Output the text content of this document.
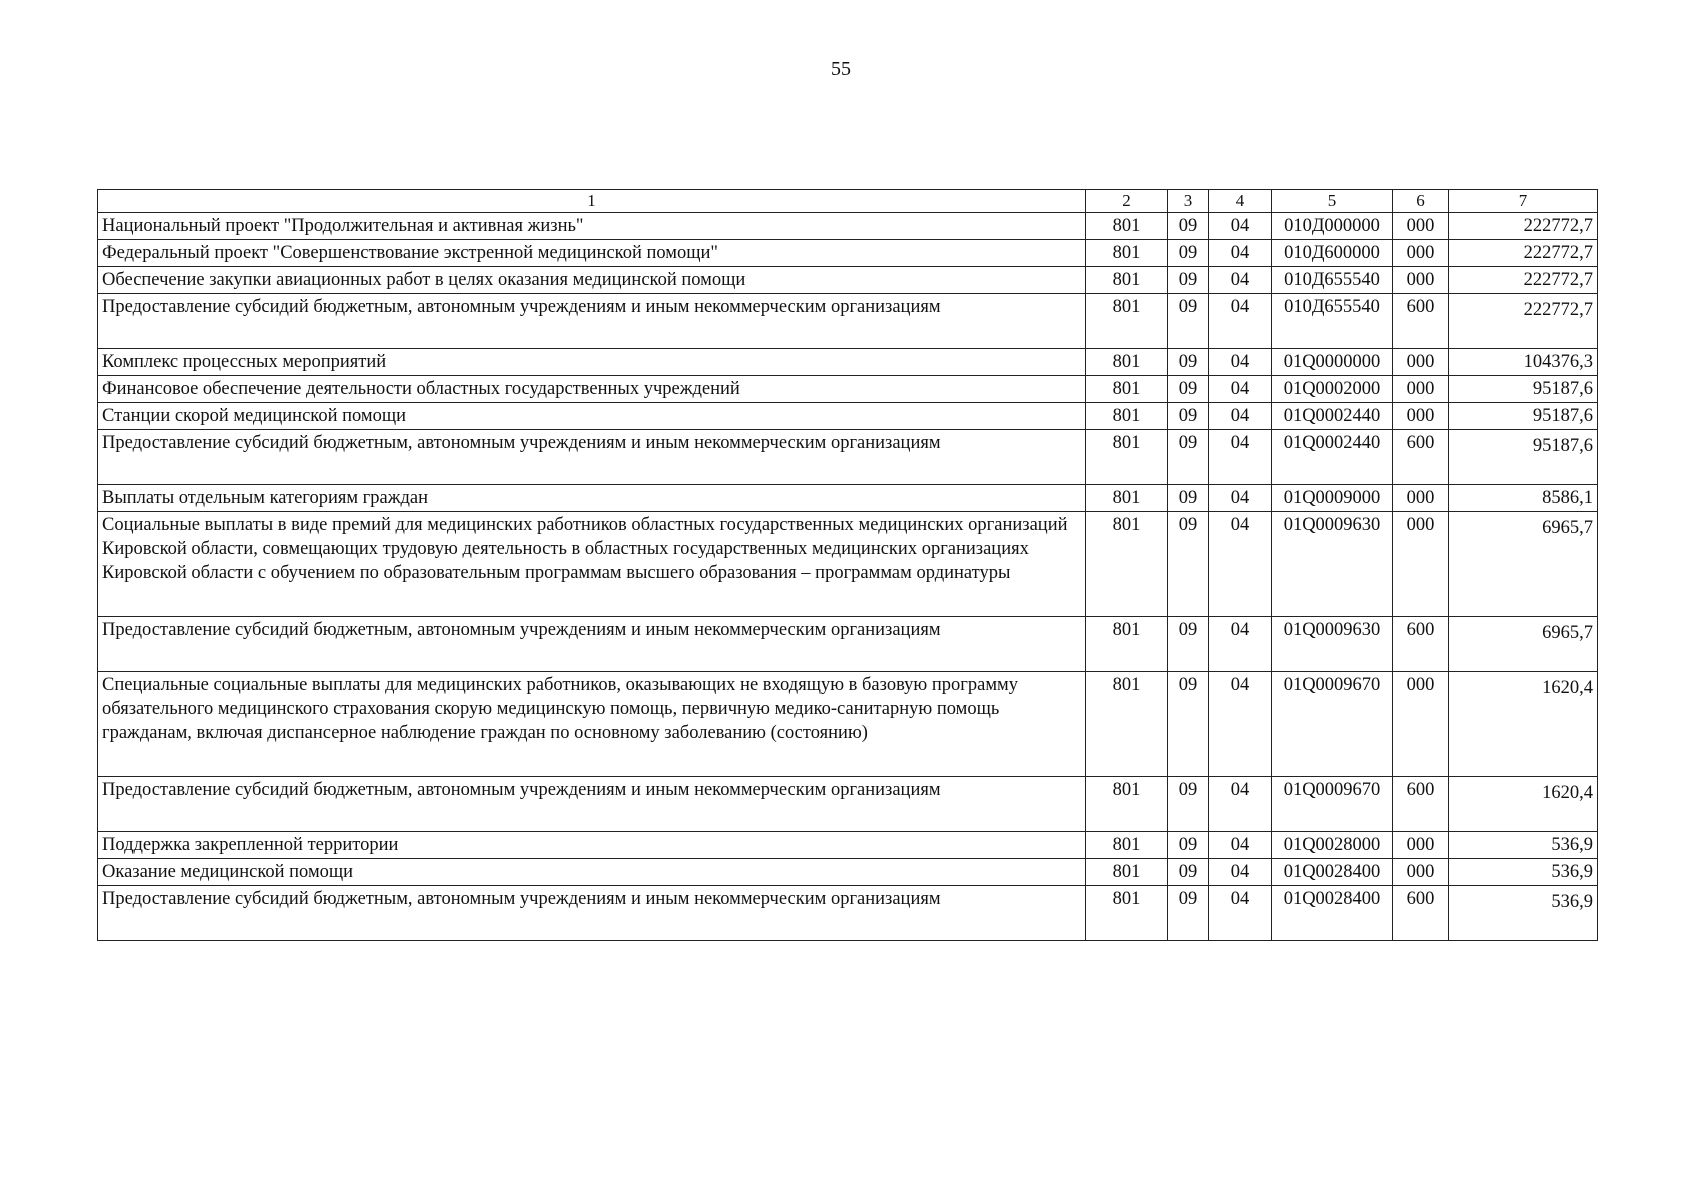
55
1	2	3	4	5	6	7
Национальный проект "Продолжительная и активная жизнь"	801	09	04	010Д000000	000	222772,7
Федеральный проект "Совершенствование экстренной медицинской помощи"	801	09	04	010Д600000	000	222772,7
Обеспечение закупки авиационных работ в целях оказания медицинской помощи	801	09	04	010Д655540	000	222772,7
Предоставление субсидий бюджетным, автономным учреждениям и иным некоммерческим организациям	801	09	04	010Д655540	600	222772,7
Комплекс процессных мероприятий	801	09	04	01Q0000000	000	104376,3
Финансовое обеспечение деятельности областных государственных учреждений	801	09	04	01Q0002000	000	95187,6
Станции скорой медицинской помощи	801	09	04	01Q0002440	000	95187,6
Предоставление субсидий бюджетным, автономным учреждениям и иным некоммерческим организациям	801	09	04	01Q0002440	600	95187,6
Выплаты отдельным категориям граждан	801	09	04	01Q0009000	000	8586,1
Социальные выплаты в виде премий для медицинских работников областных государственных медицинских организаций Кировской области, совмещающих трудовую деятельность в областных государственных медицинских организациях Кировской области с обучением по образовательным программам высшего образования – программам ординатуры	801	09	04	01Q0009630	000	6965,7
Предоставление субсидий бюджетным, автономным учреждениям и иным некоммерческим организациям	801	09	04	01Q0009630	600	6965,7
Специальные социальные выплаты для медицинских работников, оказывающих не входящую в базовую программу обязательного медицинского страхования скорую медицинскую помощь, первичную медико-санитарную помощь гражданам, включая диспансерное наблюдение граждан по основному заболеванию (состоянию)	801	09	04	01Q0009670	000	1620,4
Предоставление субсидий бюджетным, автономным учреждениям и иным некоммерческим организациям	801	09	04	01Q0009670	600	1620,4
Поддержка закрепленной территории	801	09	04	01Q0028000	000	536,9
Оказание медицинской помощи	801	09	04	01Q0028400	000	536,9
Предоставление субсидий бюджетным, автономным учреждениям и иным некоммерческим организациям	801	09	04	01Q0028400	600	536,9
